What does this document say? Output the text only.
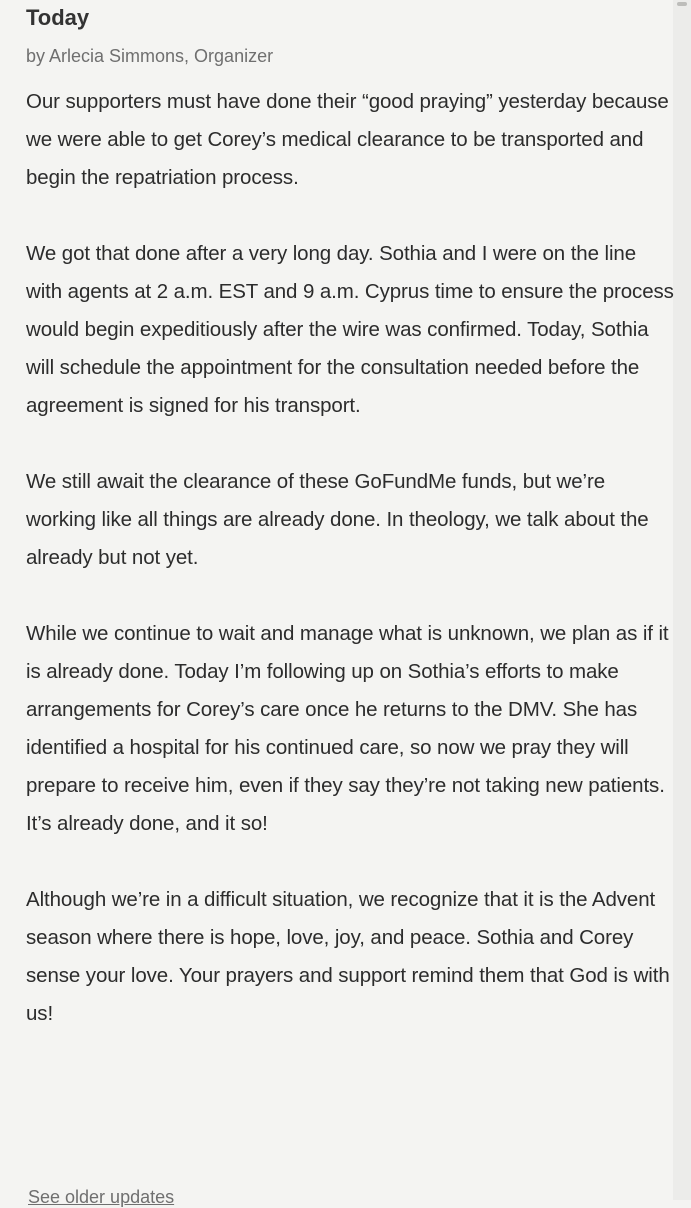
Today
by Arlecia Simmons, Organizer

Our supporters must have done their “good praying” yesterday because we were able to get Corey’s medical clearance to be transported and begin the repatriation process.

We got that done after a very long day. Sothia and I were on the line with agents at 2 a.m. EST and 9 a.m. Cyprus time to ensure the process would begin expeditiously after the wire was confirmed. Today, Sothia will schedule the appointment for the consultation needed before the agreement is signed for his transport.

We still await the clearance of these GoFundMe funds, but we’re working like all things are already done. In theology, we talk about the already but not yet.

While we continue to wait and manage what is unknown, we plan as if it is already done. Today I’m following up on Sothia’s efforts to make arrangements for Corey’s care once he returns to the DMV. She has identified a hospital for his continued care, so now we pray they will prepare to receive him, even if they say they’re not taking new patients. It’s already done, and it so!

Although we’re in a difficult situation, we recognize that it is the Advent season where there is hope, love, joy, and peace. Sothia and Corey sense your love. Your prayers and support remind them that God is with us!

See older updates
